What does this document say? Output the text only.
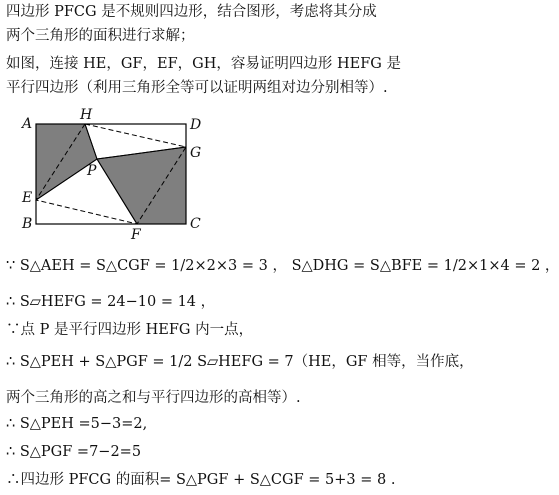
四边形 PFCG 是不规则四边形，结合图形，考虑将其分成
两个三角形的面积进行求解；
如图，连接 HE，GF，EF，GH，容易证明四边形 HEFG 是
平行四边形（利用三角形全等可以证明两组对边分别相等）.
A
H
D
G
P
E
B
F
C
∵ S△AEH = S△CGF = 1/2×2×3 = 3 ， S△DHG = S△BFE = 1/2×1×4 = 2 ，
∴ S▱HEFG = 24−10 = 14 ，
∵点 P 是平行四边形 HEFG 内一点，
∴ S△PEH + S△PGF = 1/2 S▱HEFG = 7（HE，GF 相等，当作底，
两个三角形的高之和与平行四边形的高相等）.
∴ S△PEH =5−3=2,
∴ S△PGF =7−2=5
∴四边形 PFCG 的面积= S△PGF + S△CGF = 5+3 = 8 .
